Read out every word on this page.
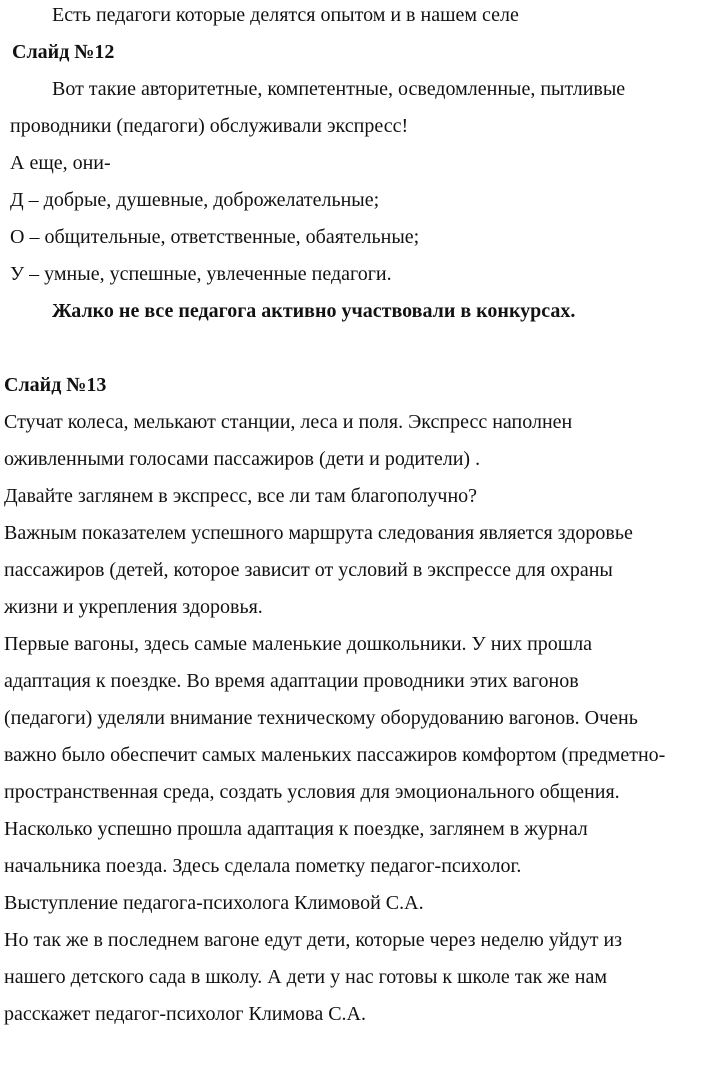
Есть педагоги которые делятся опытом и в нашем селе
Слайд №12
Вот такие авторитетные, компетентные, осведомленные, пытливые
проводники (педагоги) обслуживали экспресс!
А еще, они-
Д – добрые, душевные, доброжелательные;
О – общительные, ответственные, обаятельные;
У – умные, успешные, увлеченные педагоги.
Жалко не все педагога активно участвовали в конкурсах.
Слайд №13
Стучат колеса, мелькают станции, леса и поля. Экспресс наполнен
оживленными голосами пассажиров (дети и родители) .
Давайте заглянем в экспресс, все ли там благополучно?
Важным показателем успешного маршрута следования является здоровье
пассажиров (детей, которое зависит от условий в экспрессе для охраны
жизни и укрепления здоровья.
Первые вагоны, здесь самые маленькие дошкольники. У них прошла
адаптация к поездке. Во время адаптации проводники этих вагонов
(педагоги) уделяли внимание техническому оборудованию вагонов. Очень
важно было обеспечит самых маленьких пассажиров комфортом (предметно-
пространственная среда, создать условия для эмоционального общения.
Насколько успешно прошла адаптация к поездке, заглянем в журнал
начальника поезда. Здесь сделала пометку педагог-психолог.
Выступление педагога-психолога Климовой С.А.
Но так же в последнем вагоне едут дети, которые через неделю уйдут из
нашего детского сада в школу. А дети у нас готовы к школе так же нам
расскажет педагог-психолог Климова С.А.
